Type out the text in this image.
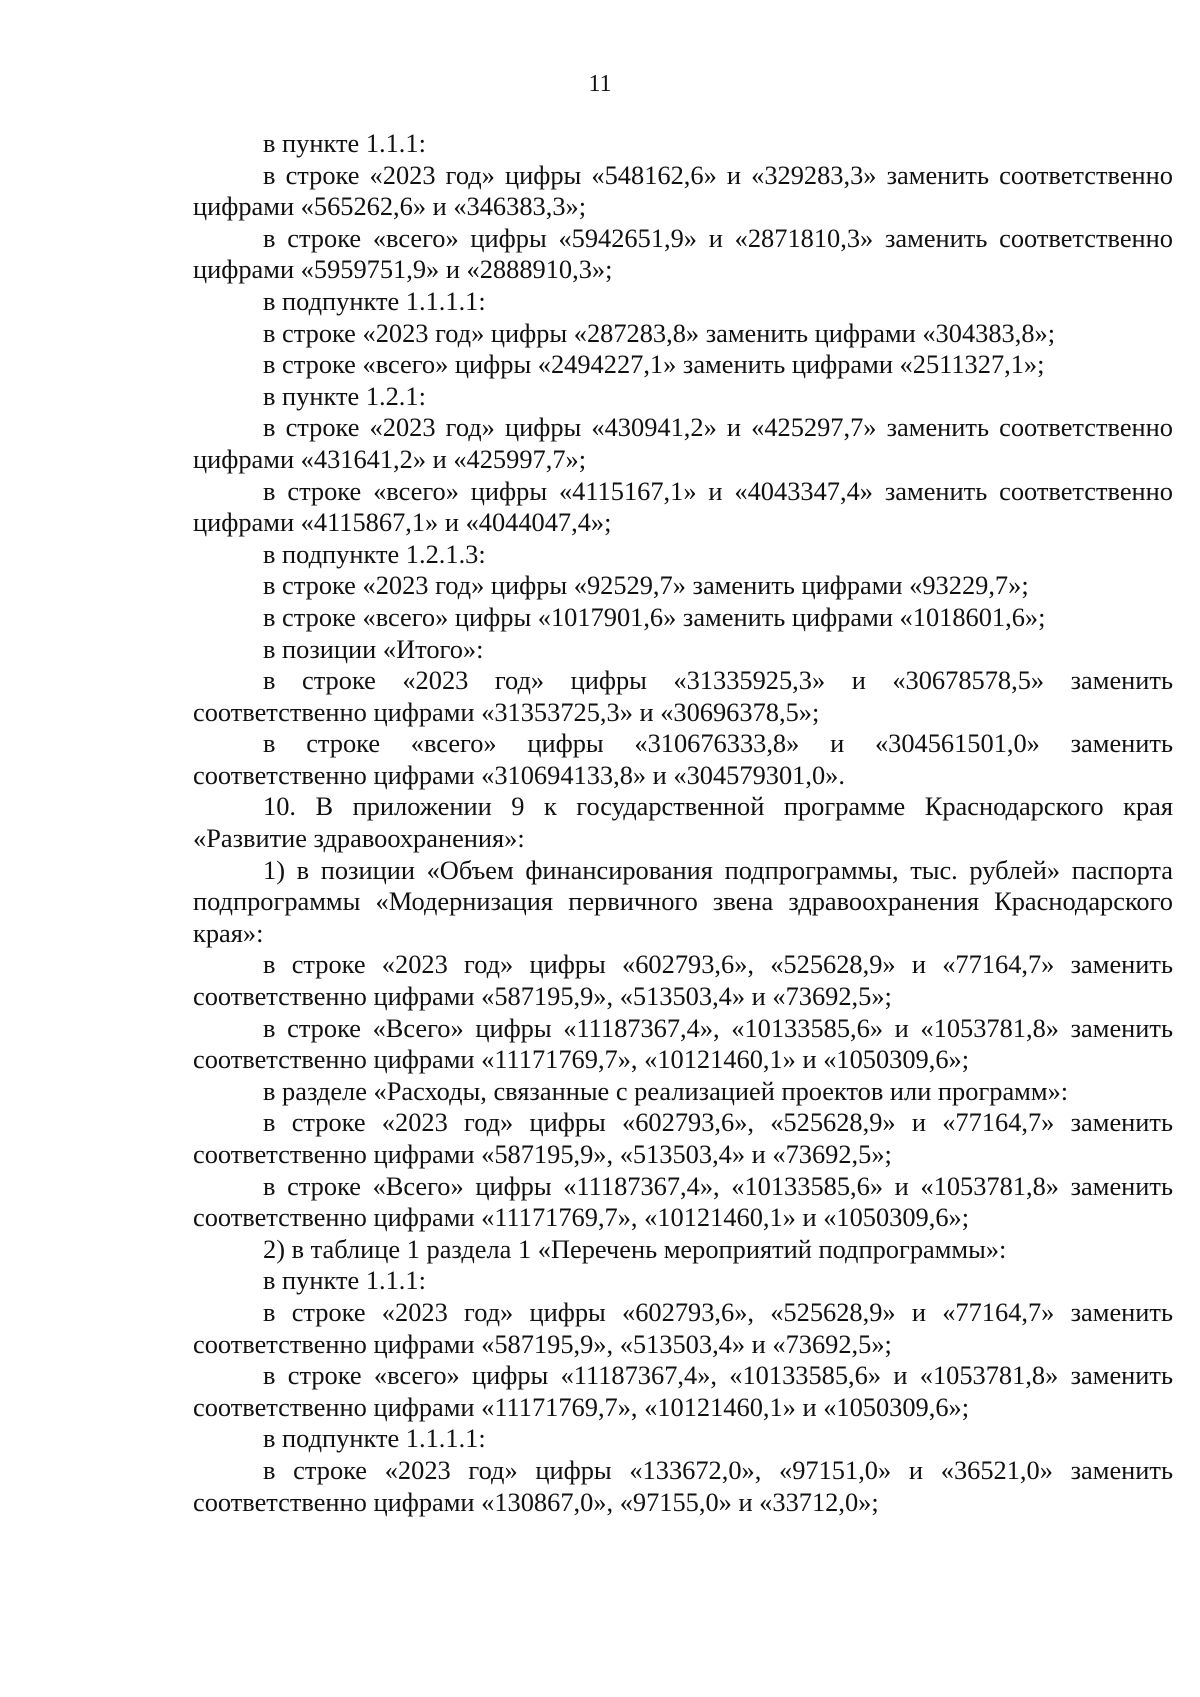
11

в пункте 1.1.1:

в строке «2023 год» цифры «548162,6» и «329283,3» заменить соответственно цифрами «565262,6» и «346383,3»;

в строке «всего» цифры «5942651,9» и «2871810,3» заменить соответственно цифрами «5959751,9» и «2888910,3»;

в подпункте 1.1.1.1:

в строке «2023 год» цифры «287283,8» заменить цифрами «304383,8»;

в строке «всего» цифры «2494227,1» заменить цифрами «2511327,1»;

в пункте 1.2.1:

в строке «2023 год» цифры «430941,2» и «425297,7» заменить соответственно цифрами «431641,2» и «425997,7»;

в строке «всего» цифры «4115167,1» и «4043347,4» заменить соответственно цифрами «4115867,1» и «4044047,4»;

в подпункте 1.2.1.3:

в строке «2023 год» цифры «92529,7» заменить цифрами «93229,7»;

в строке «всего» цифры «1017901,6» заменить цифрами «1018601,6»;

в позиции «Итого»:

в строке «2023 год» цифры «31335925,3» и «30678578,5» заменить соответственно цифрами «31353725,3» и «30696378,5»;

в строке «всего» цифры «310676333,8» и «304561501,0» заменить соответственно цифрами «310694133,8» и «304579301,0».

10. В приложении 9 к государственной программе Краснодарского края «Развитие здравоохранения»:

1) в позиции «Объем финансирования подпрограммы, тыс. рублей» паспорта подпрограммы «Модернизация первичного звена здравоохранения Краснодарского края»:

в строке «2023 год» цифры «602793,6», «525628,9» и «77164,7» заменить соответственно цифрами «587195,9», «513503,4» и «73692,5»;

в строке «Всего» цифры «11187367,4», «10133585,6» и «1053781,8» заменить соответственно цифрами «11171769,7», «10121460,1» и «1050309,6»;

в разделе «Расходы, связанные с реализацией проектов или программ»:

в строке «2023 год» цифры «602793,6», «525628,9» и «77164,7» заменить соответственно цифрами «587195,9», «513503,4» и «73692,5»;

в строке «Всего» цифры «11187367,4», «10133585,6» и «1053781,8» заменить соответственно цифрами «11171769,7», «10121460,1» и «1050309,6»;

2) в таблице 1 раздела 1 «Перечень мероприятий подпрограммы»:

в пункте 1.1.1:

в строке «2023 год» цифры «602793,6», «525628,9» и «77164,7» заменить соответственно цифрами «587195,9», «513503,4» и «73692,5»;

в строке «всего» цифры «11187367,4», «10133585,6» и «1053781,8» заменить соответственно цифрами «11171769,7», «10121460,1» и «1050309,6»;

в подпункте 1.1.1.1:

в строке «2023 год» цифры «133672,0», «97151,0» и «36521,0» заменить соответственно цифрами «130867,0», «97155,0» и «33712,0»;
